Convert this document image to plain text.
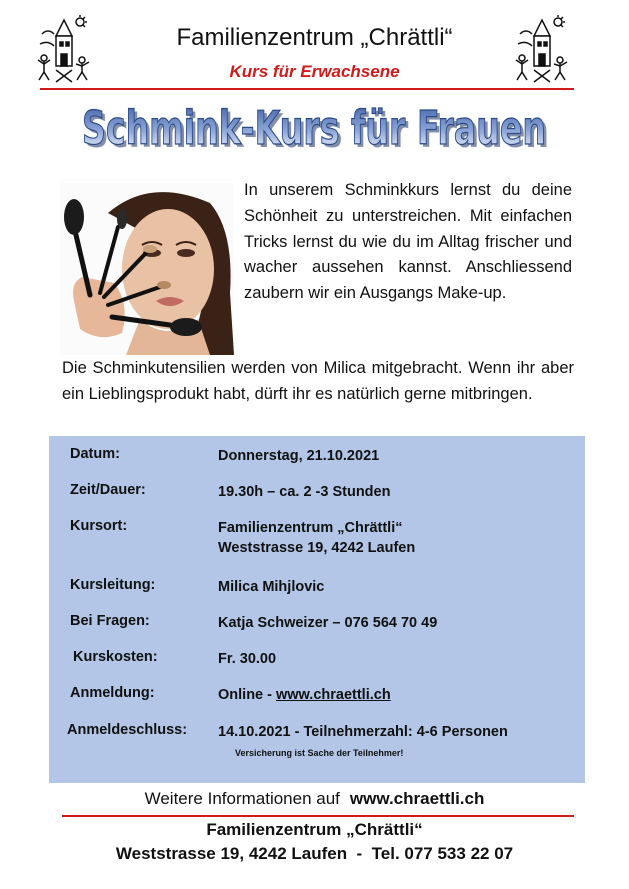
Familienzentrum „Chrättli“
Kurs für Erwachsene
Schmink-Kurs für Frauen
Schmink-Kurs für Frauen
In unserem Schminkkurs lernst du deine Schönheit zu unterstreichen. Mit einfachen Tricks lernst du wie du im Alltag frischer und wacher aussehen kannst. Anschliessend zaubern wir ein Ausgangs Make-up.
Die Schminkutensilien werden von Milica mitgebracht. Wenn ihr aber ein Lieblingsprodukt habt, dürft ihr es natürlich gerne mitbringen.
Datum:	Donnerstag, 21.10.2021
Zeit/Dauer:	19.30h – ca. 2 -3 Stunden
Kursort:	Familienzentrum „Chrättli“
Weststrasse 19, 4242 Laufen
Kursleitung:	Milica Mihjlovic
Bei Fragen:	Katja Schweizer – 076 564 70 49
Kurskosten:	Fr. 30.00
Anmeldung:	Online - www.chraettli.ch
Anmeldeschluss: 14.10.2021 - Teilnehmerzahl: 4-6 Personen
Versicherung ist Sache der Teilnehmer!
Weitere Informationen auf www.chraettli.ch
Familienzentrum „Chrättli“
Weststrasse 19, 4242 Laufen  -  Tel. 077 533 22 07
